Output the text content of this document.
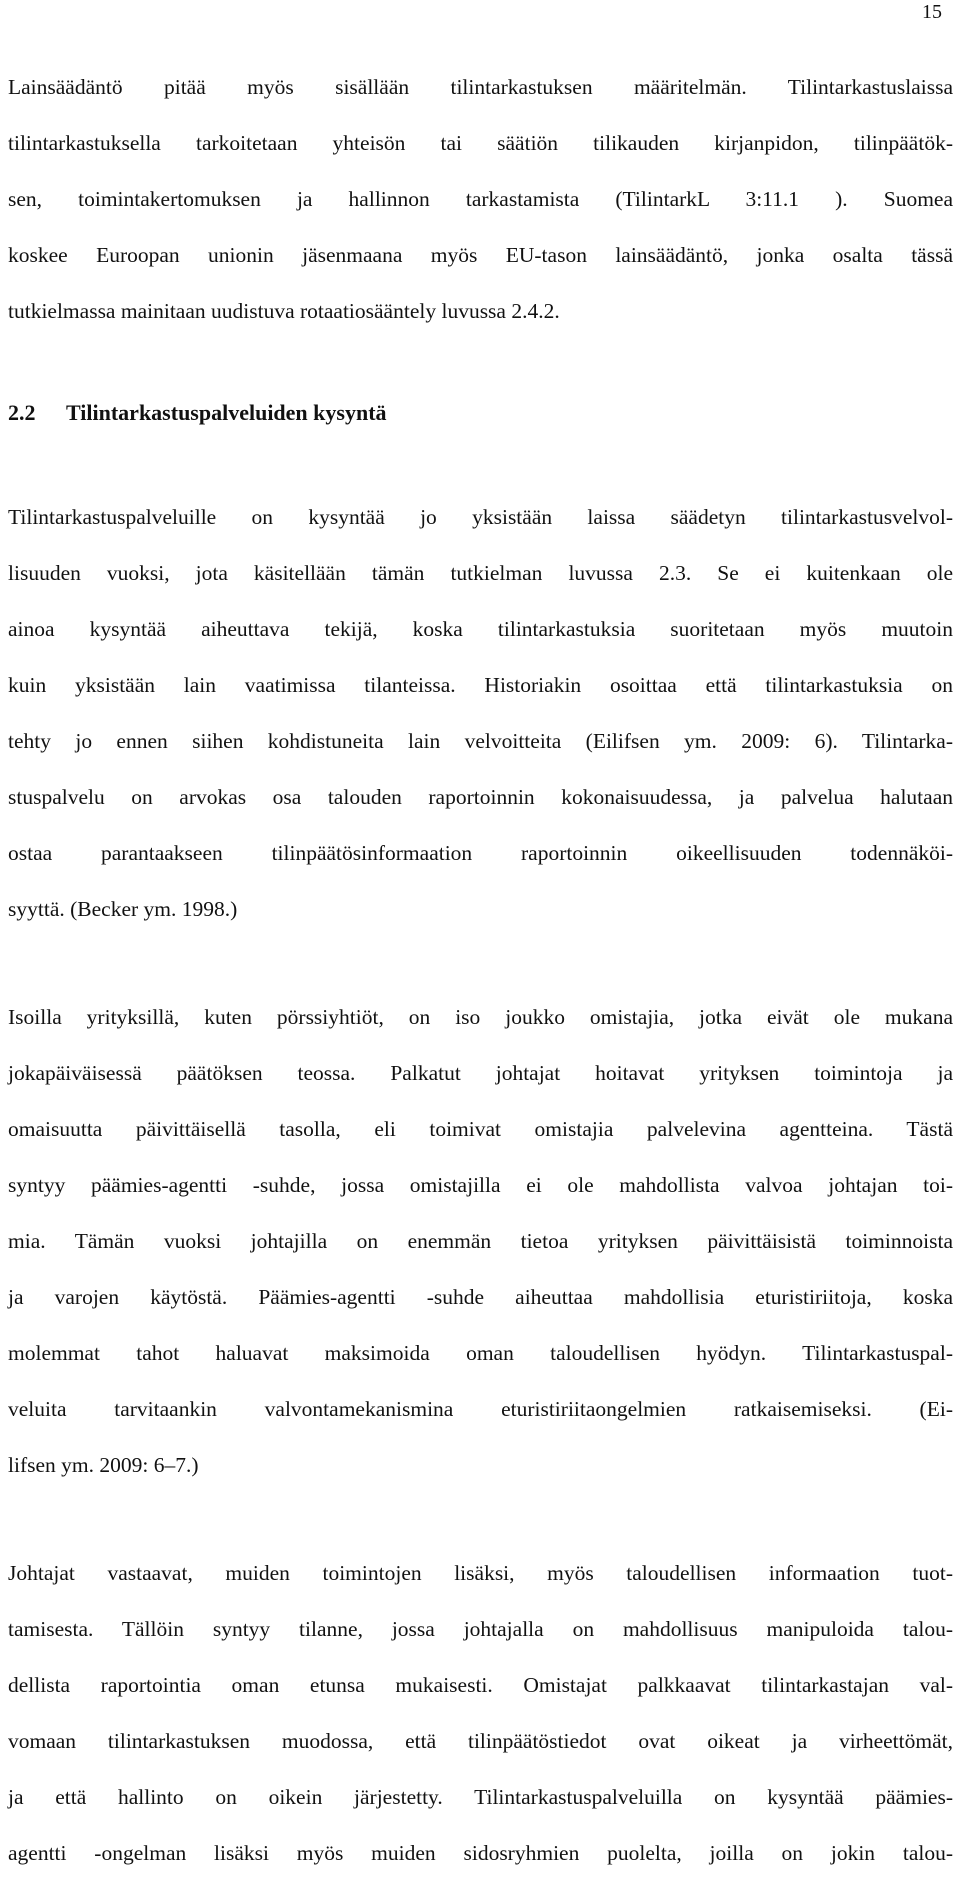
15
Lainsäädäntö pitää myös sisällään tilintarkastuksen määritelmän. Tilintarkastuslaissa
tilintarkastuksella tarkoitetaan yhteisön tai säätiön tilikauden kirjanpidon, tilinpäätök-
sen, toimintakertomuksen ja hallinnon tarkastamista (TilintarkL 3:11.1 ). Suomea
koskee Euroopan unionin jäsenmaana myös EU-tason lainsäädäntö, jonka osalta tässä
tutkielmassa mainitaan uudistuva rotaatiosääntely luvussa 2.4.2.
2.2 Tilintarkastuspalveluiden kysyntä
Tilintarkastuspalveluille on kysyntää jo yksistään laissa säädetyn tilintarkastusvelvol-
lisuuden vuoksi, jota käsitellään tämän tutkielman luvussa 2.3. Se ei kuitenkaan ole
ainoa kysyntää aiheuttava tekijä, koska tilintarkastuksia suoritetaan myös muutoin
kuin yksistään lain vaatimissa tilanteissa. Historiakin osoittaa että tilintarkastuksia on
tehty jo ennen siihen kohdistuneita lain velvoitteita (Eilifsen ym. 2009: 6). Tilintarka-
stuspalvelu on arvokas osa talouden raportoinnin kokonaisuudessa, ja palvelua halutaan
ostaa parantaakseen tilinpäätösinformaation raportoinnin oikeellisuuden todennäköi-
syyttä. (Becker ym. 1998.)
Isoilla yrityksillä, kuten pörssiyhtiöt, on iso joukko omistajia, jotka eivät ole mukana
jokapäiväisessä päätöksen teossa. Palkatut johtajat hoitavat yrityksen toimintoja ja
omaisuutta päivittäisellä tasolla, eli toimivat omistajia palvelevina agentteina. Tästä
syntyy päämies-agentti -suhde, jossa omistajilla ei ole mahdollista valvoa johtajan toi-
mia. Tämän vuoksi johtajilla on enemmän tietoa yrityksen päivittäisistä toiminnoista
ja varojen käytöstä. Päämies-agentti -suhde aiheuttaa mahdollisia eturistiriitoja, koska
molemmat tahot haluavat maksimoida oman taloudellisen hyödyn. Tilintarkastuspal-
veluita tarvitaankin valvontamekanismina eturistiriitaongelmien ratkaisemiseksi. (Ei-
lifsen ym. 2009: 6–7.)
Johtajat vastaavat, muiden toimintojen lisäksi, myös taloudellisen informaation tuot-
tamisesta. Tällöin syntyy tilanne, jossa johtajalla on mahdollisuus manipuloida talou-
dellista raportointia oman etunsa mukaisesti. Omistajat palkkaavat tilintarkastajan val-
vomaan tilintarkastuksen muodossa, että tilinpäätöstiedot ovat oikeat ja virheettömät,
ja että hallinto on oikein järjestetty. Tilintarkastuspalveluilla on kysyntää päämies-
agentti -ongelman lisäksi myös muiden sidosryhmien puolelta, joilla on jokin talou-
